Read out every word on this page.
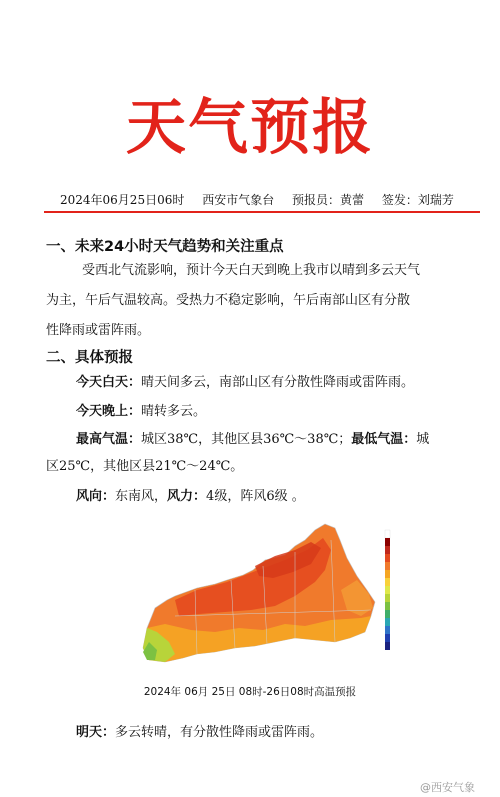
天气预报
2024年06月25日06时 西安市气象台 预报员：黄蕾 签发：刘瑞芳
一、未来24小时天气趋势和关注重点
受西北气流影响，预计今天白天到晚上我市以晴到多云天气
为主，午后气温较高。受热力不稳定影响，午后南部山区有分散
性降雨或雷阵雨。
二、具体预报
今天白天：晴天间多云，南部山区有分散性降雨或雷阵雨。
今天晚上：晴转多云。
最高气温：城区38℃，其他区县36℃～38℃；最低气温：城
区25℃，其他区县21℃～24℃。
风向：东南风，风力：4级，阵风6级 。
2024年 06月 25日 08时-26日08时高温预报
明天：多云转晴，有分散性降雨或雷阵雨。
@西安气象
